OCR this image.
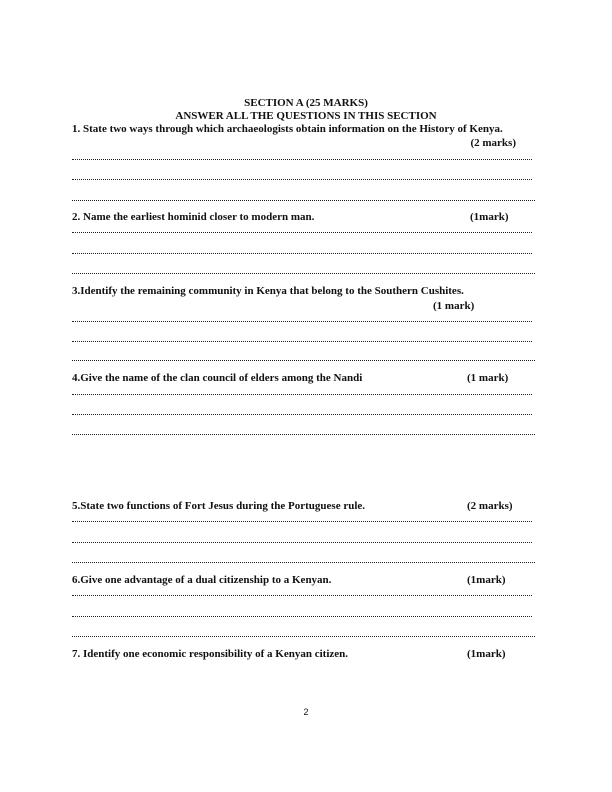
SECTION A (25 MARKS)
ANSWER ALL THE QUESTIONS IN THIS SECTION
1. State two ways through which archaeologists obtain information on the History of Kenya.
(2 marks)
2. Name the earliest hominid closer to modern man.	(1mark)
3.Identify the remaining community in Kenya that belong to the Southern Cushites.
(1 mark)
4.Give the name of the clan council of elders among the Nandi	(1 mark)
5.State two functions of Fort Jesus during the Portuguese rule.	(2 marks)
6.Give one advantage of a dual citizenship to a Kenyan.	(1mark)
7. Identify one economic responsibility of a Kenyan citizen.	(1mark)
2
